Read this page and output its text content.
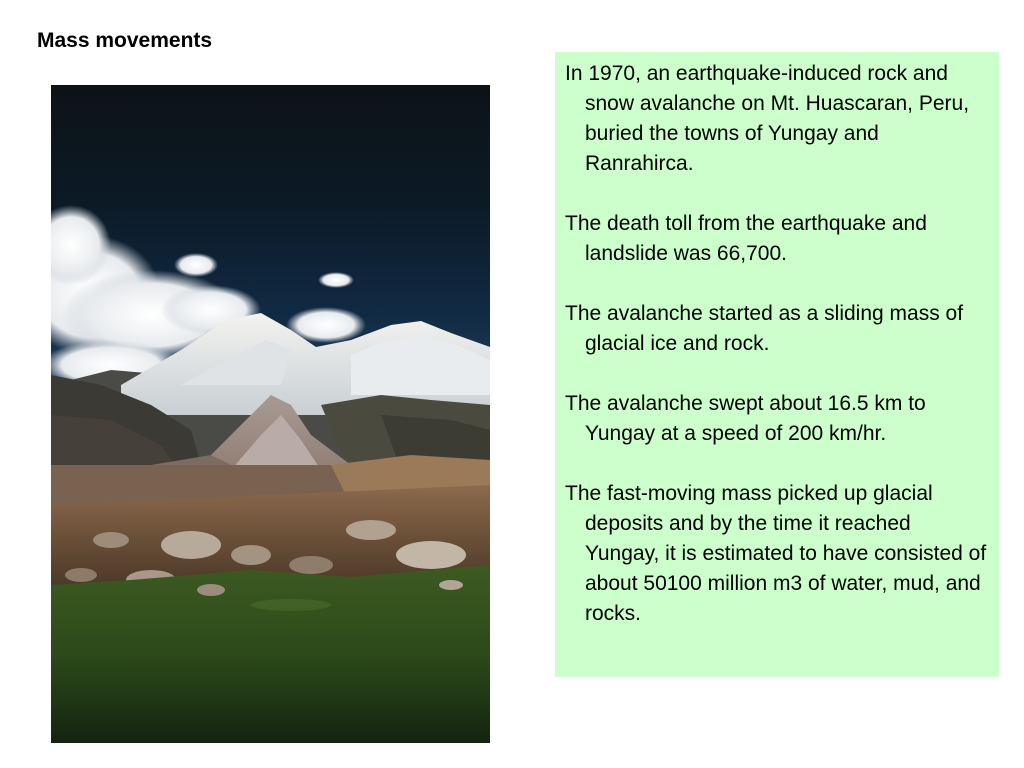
Mass movements

In 1970, an earthquake-induced rock and snow avalanche on Mt. Huascaran, Peru, buried the towns of Yungay and Ranrahirca.

The death toll from the earthquake and landslide was 66,700.

The avalanche started as a sliding mass of glacial ice and rock.

The avalanche swept about 16.5 km to Yungay at a speed of 200 km/hr.

The fast-moving mass picked up glacial deposits and by the time it reached Yungay, it is estimated to have consisted of about 50100 million m3 of water, mud, and rocks.
